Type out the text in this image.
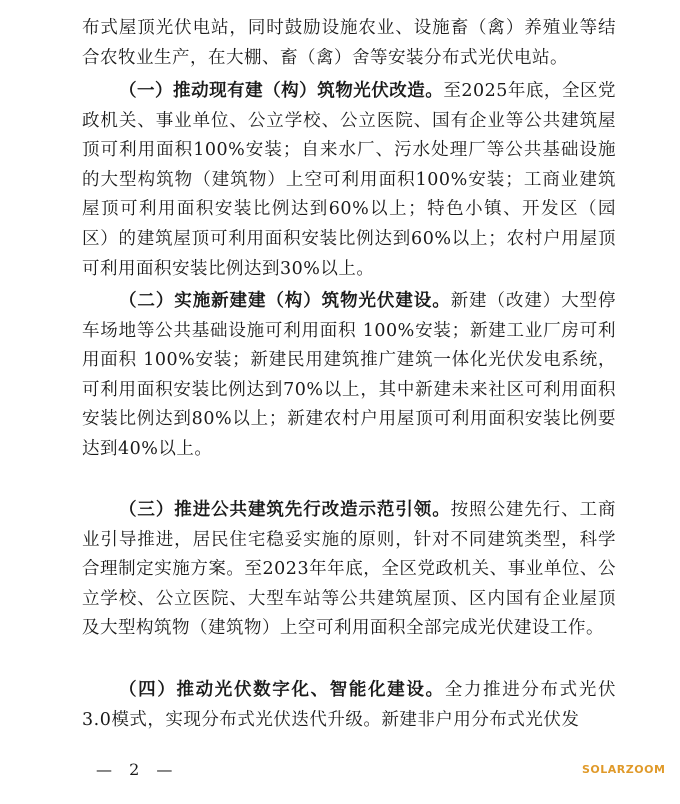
布式屋顶光伏电站，同时鼓励设施农业、设施畜（禽）养殖业等结合农牧业生产，在大棚、畜（禽）舍等安装分布式光伏电站。

（一）推动现有建（构）筑物光伏改造。至2025年底，全区党政机关、事业单位、公立学校、公立医院、国有企业等公共建筑屋顶可利用面积100%安装；自来水厂、污水处理厂等公共基础设施的大型构筑物（建筑物）上空可利用面积100%安装；工商业建筑屋顶可利用面积安装比例达到60%以上；特色小镇、开发区（园区）的建筑屋顶可利用面积安装比例达到60%以上；农村户用屋顶可利用面积安装比例达到30%以上。

（二）实施新建建（构）筑物光伏建设。新建（改建）大型停车场地等公共基础设施可利用面积 100%安装；新建工业厂房可利用面积 100%安装；新建民用建筑推广建筑一体化光伏发电系统，可利用面积安装比例达到70%以上，其中新建未来社区可利用面积安装比例达到80%以上；新建农村户用屋顶可利用面积安装比例要达到40%以上。

（三）推进公共建筑先行改造示范引领。按照公建先行、工商业引导推进，居民住宅稳妥实施的原则，针对不同建筑类型，科学合理制定实施方案。至2023年年底，全区党政机关、事业单位、公立学校、公立医院、大型车站等公共建筑屋顶、区内国有企业屋顶及大型构筑物（建筑物）上空可利用面积全部完成光伏建设工作。

（四）推动光伏数字化、智能化建设。全力推进分布式光伏3.0模式，实现分布式光伏迭代升级。新建非户用分布式光伏发

— 2 —	SOLARZOOM
